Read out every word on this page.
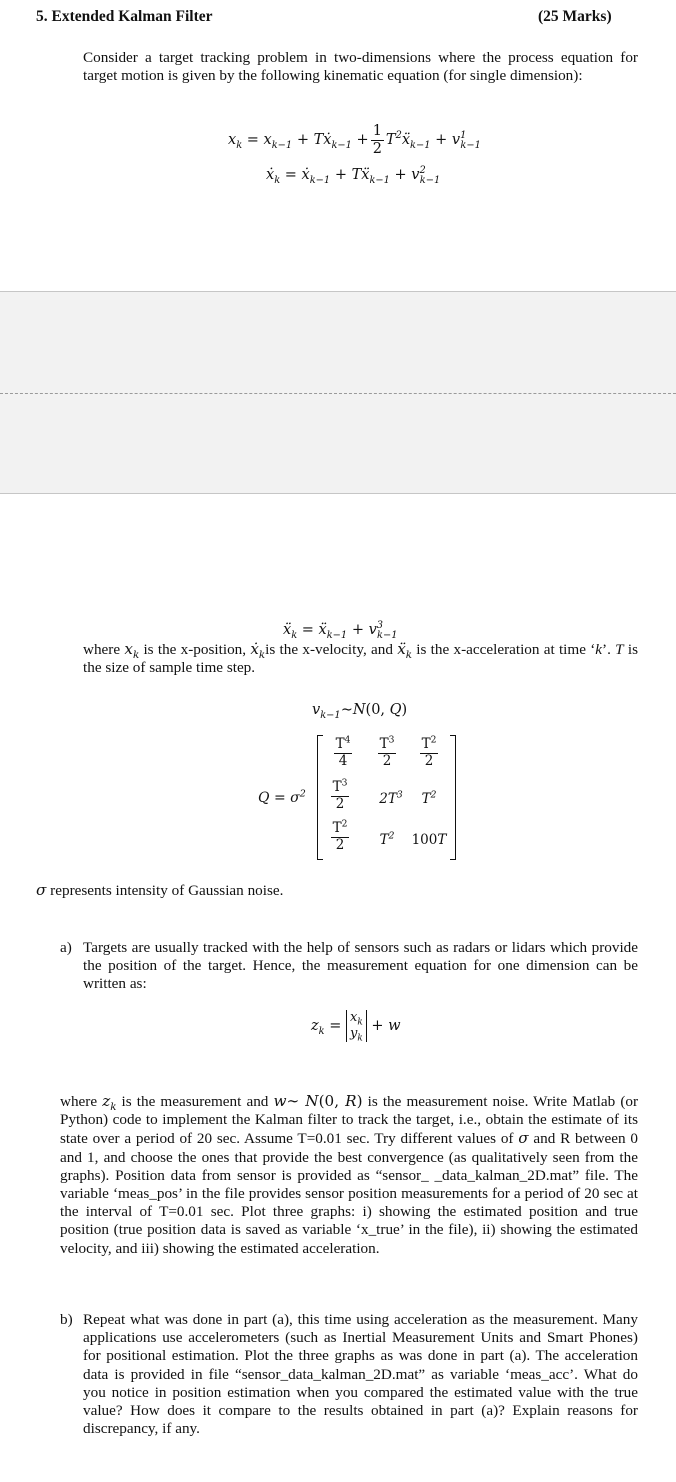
5. Extended Kalman Filter	(25 Marks)
Consider a target tracking problem in two-dimensions where the process equation for target motion is given by the following kinematic equation (for single dimension):
$x_k = x_{k-1}$ + Tẋ$_{k-1}$ + $\frac{1}{2}$ $T^2ẍ_{k-1} + v^1_{k-1}$
ẋ$_k$ = ẋ$_{k-1}$ + Tẍ$_{k-1}$ + $v^2_{k-1}$
ẍ$_k$ = ẍ$_{k-1}$ + $v^3_{k-1}$
where $x_k$ is the x-position, ẋ$_k$is the x-velocity, and ẍ$_k$ is the x-acceleration at time ‘k’. T is the size of sample time step.
$v_{k-1}\sim N(0$, Q)
$Q = \sigma^2$
$\frac{T^4}{4} \frac{T^3}{2} \frac{T^2}{2}$
$\frac{T^3}{2}$	$2T^3$	$T^2$
$\frac{T^2}{2}$	$T^2$	100T
σ represents intensity of Gaussian noise.
a) Targets are usually tracked with the help of sensors such as radars or lidars which provide the position of the target. Hence, the measurement equation for one dimension can be written as:
$z_k = x_k$
$y_k + w$
where $z_k$ is the measurement and w∼ N(0, R) is the measurement noise. Write Matlab (or Python) code to implement the Kalman filter to track the target, i.e., obtain the estimate of its state over a period of 20 sec. Assume T=0.01 sec. Try different values of σ and R between 0 and 1, and choose the ones that provide the best convergence (as qualitatively seen from the graphs). Position data from sensor is provided as “sensor_ _data_kalman_2D.mat” file. The variable ‘meas_pos’ in the file provides sensor position measurements for a period of 20 sec at the interval of T=0.01 sec. Plot three graphs: i) showing the estimated position and true position (true position data is saved as variable ‘x_true’ in the file), ii) showing the estimated velocity, and iii) showing the estimated acceleration.
b) Repeat what was done in part (a), this time using acceleration as the measurement. Many applications use accelerometers (such as Inertial Measurement Units and Smart Phones) for positional estimation. Plot the three graphs as was done in part (a). The acceleration data is provided in file “sensor_data_kalman_2D.mat” as variable ‘meas_acc’. What do you notice in position estimation when you compared the estimated value with the true value? How does it compare to the results obtained in part (a)? Explain reasons for discrepancy, if any.
